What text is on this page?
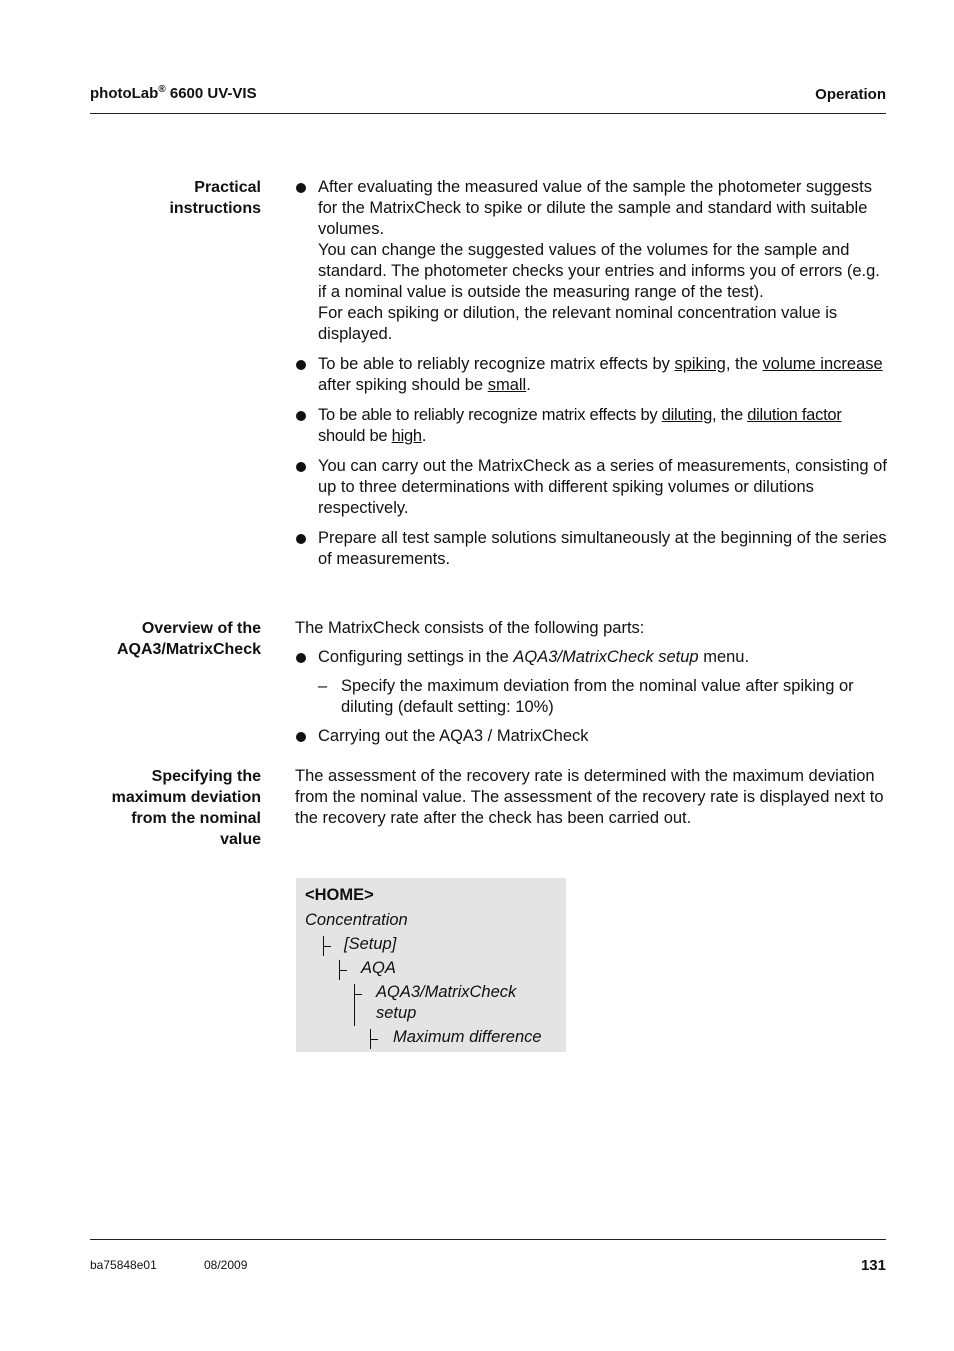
photoLab® 6600 UV-VIS	Operation
Practical
instructions
After evaluating the measured value of the sample the photometer suggests for the MatrixCheck to spike or dilute the sample and standard with suitable volumes.
You can change the suggested values of the volumes for the sample and standard. The photometer checks your entries and informs you of errors (e.g. if a nominal value is outside the measuring range of the test).
For each spiking or dilution, the relevant nominal concentration value is displayed.
To be able to reliably recognize matrix effects by spiking, the volume increase after spiking should be small.
To be able to reliably recognize matrix effects by diluting, the dilution factor should be high.
You can carry out the MatrixCheck as a series of measurements, consisting of up to three determinations with different spiking volumes or dilutions respectively.
Prepare all test sample solutions simultaneously at the beginning of the series of measurements.
Overview of the
AQA3/MatrixCheck
The MatrixCheck consists of the following parts:
Configuring settings in the AQA3/MatrixCheck setup menu.
– Specify the maximum deviation from the nominal value after spiking or diluting (default setting: 10%)
Carrying out the AQA3 / MatrixCheck
Specifying the
maximum deviation
from the nominal
value
The assessment of the recovery rate is determined with the maximum deviation from the nominal value. The assessment of the recovery rate is displayed next to the recovery rate after the check has been carried out.
<HOME>
Concentration
[Setup]
AQA
AQA3/MatrixCheck
setup
Maximum difference
ba75848e01	08/2009	131
